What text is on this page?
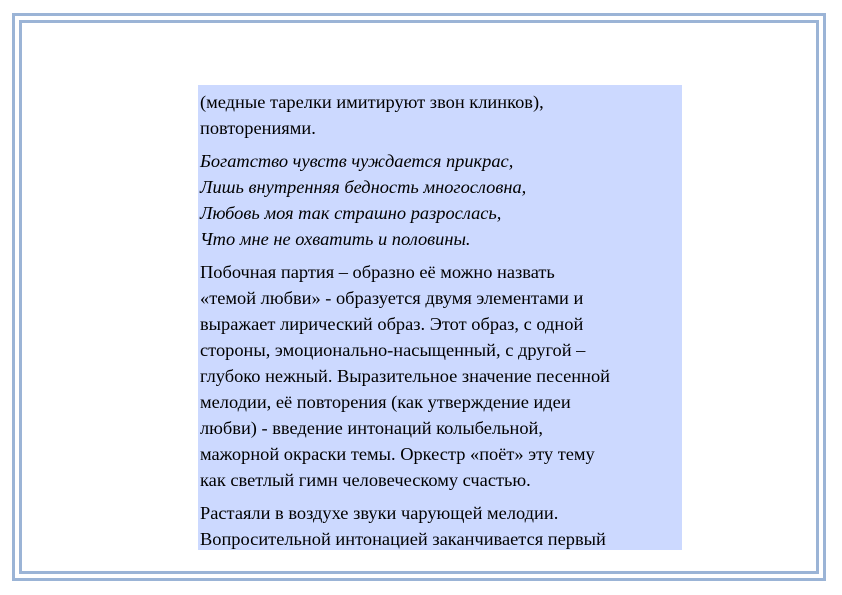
(медные тарелки имитируют звон клинков),
повторениями.

Богатство чувств чуждается прикрас,
Лишь внутренняя бедность многословна,
Любовь моя так страшно разрослась,
Что мне не охватить и половины.

Побочная партия – образно её можно назвать
«темой любви» - образуется двумя элементами и
выражает лирический образ. Этот образ, с одной
стороны, эмоционально-насыщенный, с другой –
глубоко нежный. Выразительное значение песенной
мелодии, её повторения (как утверждение идеи
любви) - введение интонаций колыбельной,
мажорной окраски темы. Оркестр «поёт» эту тему
как светлый гимн человеческому счастью.

Растаяли в воздухе звуки чарующей мелодии.
Вопросительной интонацией заканчивается первый
